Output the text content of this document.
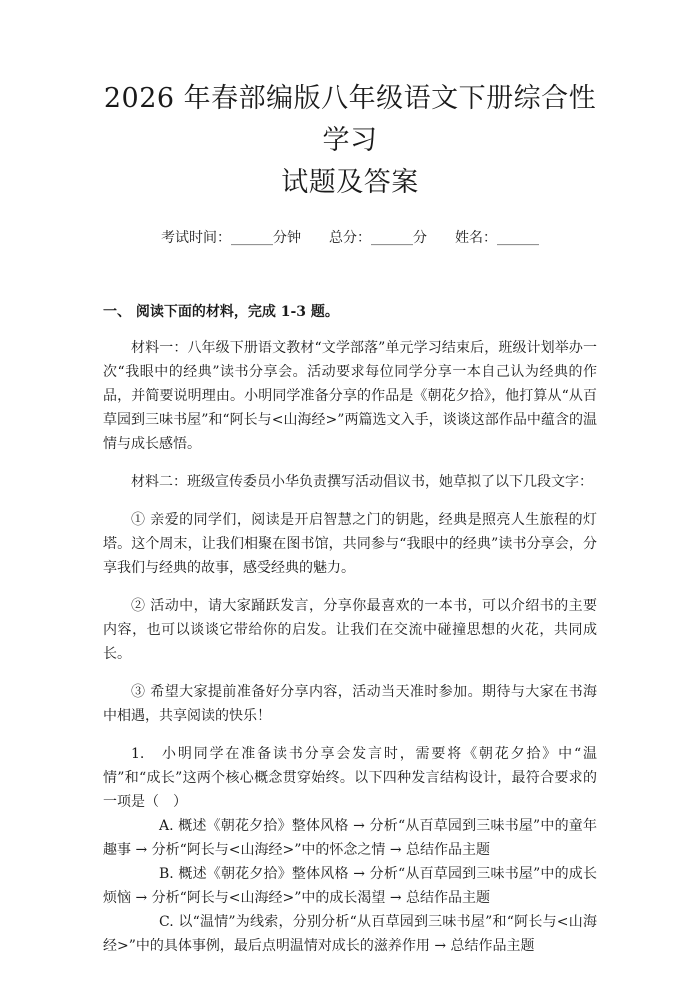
2026 年春部编版八年级语文下册综合性学习
试题及答案

考试时间：______分钟　　总分：______分　　姓名：______

一、 阅读下面的材料，完成 1-3 题。

材料一：八年级下册语文教材“文学部落”单元学习结束后，班级计划举办一次“我眼中的经典”读书分享会。活动要求每位同学分享一本自己认为经典的作品，并简要说明理由。小明同学准备分享的作品是《朝花夕拾》，他打算从“从百草园到三味书屋”和“阿长与<山海经>”两篇选文入手，谈谈这部作品中蕴含的温情与成长感悟。

材料二：班级宣传委员小华负责撰写活动倡议书，她草拟了以下几段文字：

① 亲爱的同学们，阅读是开启智慧之门的钥匙，经典是照亮人生旅程的灯塔。这个周末，让我们相聚在图书馆，共同参与“我眼中的经典”读书分享会，分享我们与经典的故事，感受经典的魅力。

② 活动中，请大家踊跃发言，分享你最喜欢的一本书，可以介绍书的主要内容，也可以谈谈它带给你的启发。让我们在交流中碰撞思想的火花，共同成长。

③ 希望大家提前准备好分享内容，活动当天准时参加。期待与大家在书海中相遇，共享阅读的快乐！

1.　小明同学在准备读书分享会发言时，需要将《朝花夕拾》中“温情”和“成长”这两个核心概念贯穿始终。以下四种发言结构设计，最符合要求的一项是（　）

A. 概述《朝花夕拾》整体风格 → 分析“从百草园到三味书屋”中的童年趣事 → 分析“阿长与<山海经>”中的怀念之情 → 总结作品主题

B. 概述《朝花夕拾》整体风格 → 分析“从百草园到三味书屋”中的成长烦恼 → 分析“阿长与<山海经>”中的成长渴望 → 总结作品主题

C. 以“温情”为线索，分别分析“从百草园到三味书屋”和“阿长与<山海经>”中的具体事例，最后点明温情对成长的滋养作用 → 总结作品主题
